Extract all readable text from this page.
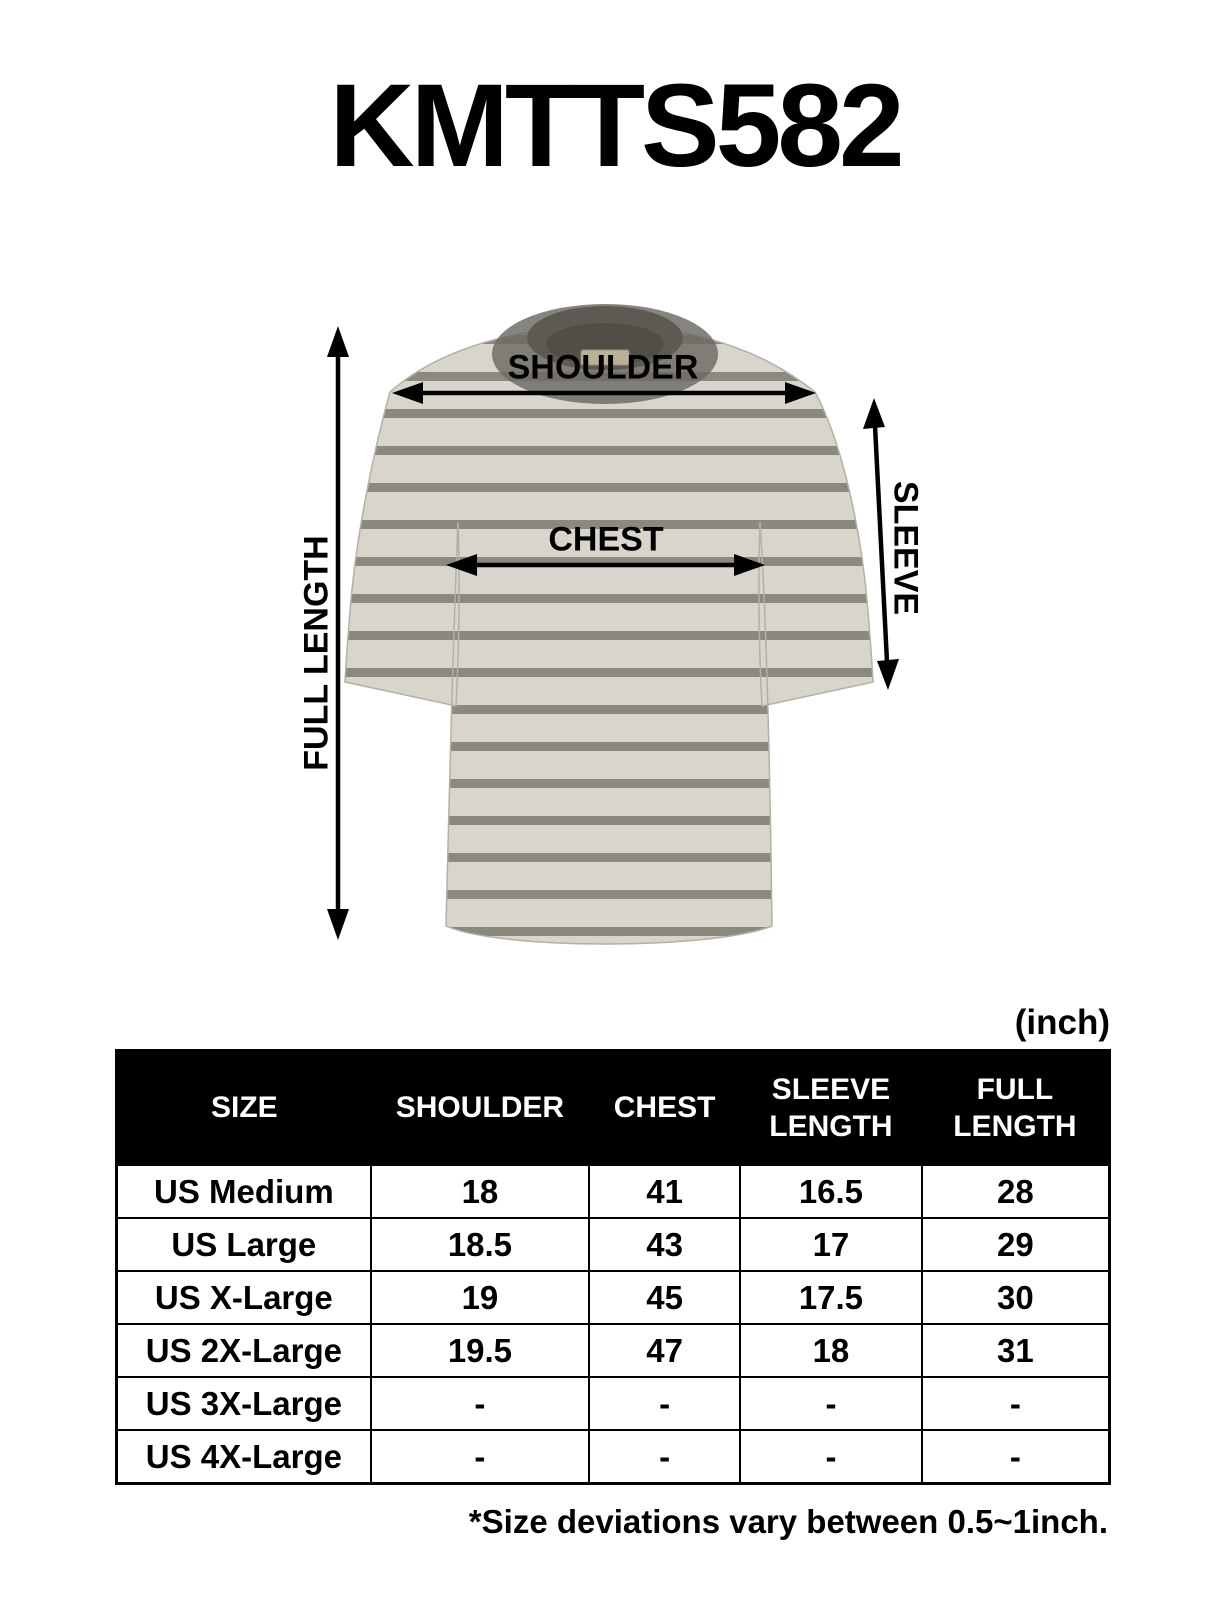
KMTTS582
SHOULDER
CHEST
FULL LENGTH	SLEEVE
(inch)
SIZE	SHOULDER	CHEST	SLEEVE LENGTH	FULL LENGTH
US Medium	18	41	16.5	28
US Large	18.5	43	17	29
US X-Large	19	45	17.5	30
US 2X-Large	19.5	47	18	31
US 3X-Large	-	-	-	-
US 4X-Large	-	-	-	-
*Size deviations vary between 0.5~1inch.
